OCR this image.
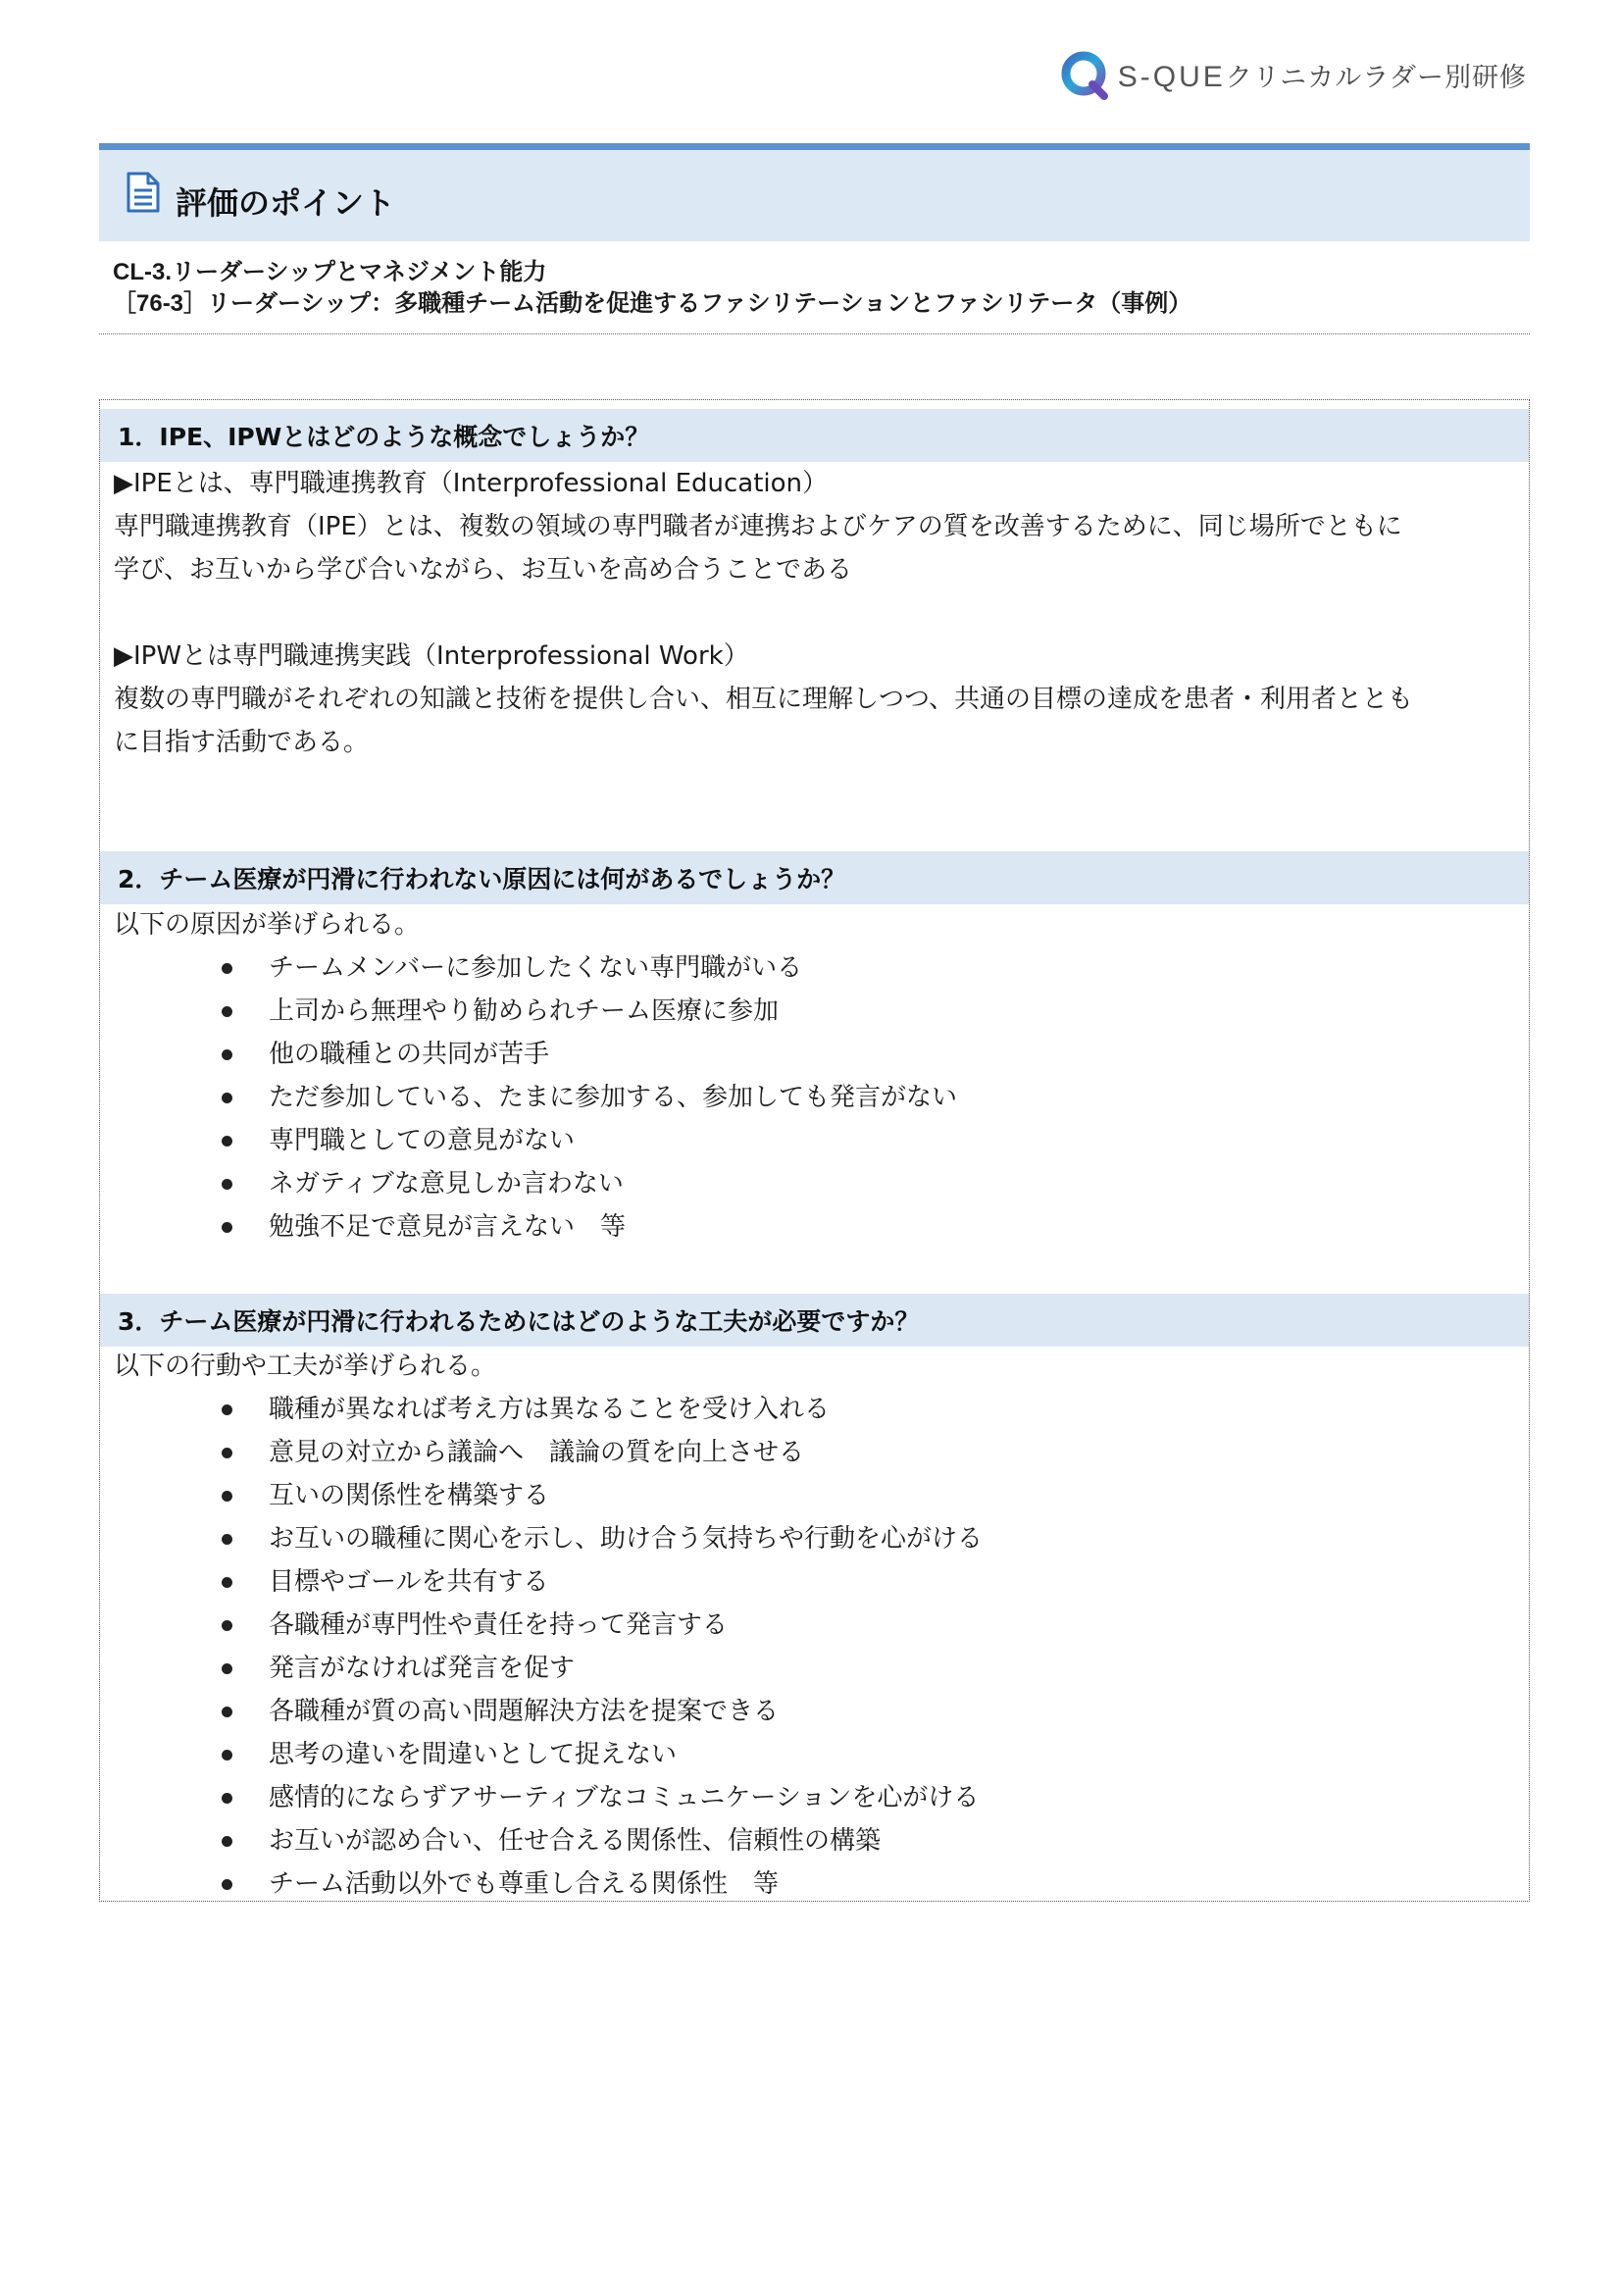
S-QUEクリニカルラダー別研修
評価のポイント
CL-3.リーダーシップとマネジメント能力
［76-3］リーダーシップ：多職種チーム活動を促進するファシリテーションとファシリテータ（事例）
1．IPE、IPWとはどのような概念でしょうか？
▶IPEとは、専門職連携教育（Interprofessional Education）
専門職連携教育（IPE）とは、複数の領域の専門職者が連携およびケアの質を改善するために、同じ場所でともに
学び、お互いから学び合いながら、お互いを高め合うことである
▶IPWとは専門職連携実践（Interprofessional Work）
複数の専門職がそれぞれの知識と技術を提供し合い、相互に理解しつつ、共通の目標の達成を患者・利用者ととも
に目指す活動である。
2．チーム医療が円滑に行われない原因には何があるでしょうか？
以下の原因が挙げられる。
チームメンバーに参加したくない専門職がいる
上司から無理やり勧められチーム医療に参加
他の職種との共同が苦手
ただ参加している、たまに参加する、参加しても発言がない
専門職としての意見がない
ネガティブな意見しか言わない
勉強不足で意見が言えない　等
3．チーム医療が円滑に行われるためにはどのような工夫が必要ですか？
以下の行動や工夫が挙げられる。
職種が異なれば考え方は異なることを受け入れる
意見の対立から議論へ　議論の質を向上させる
互いの関係性を構築する
お互いの職種に関心を示し、助け合う気持ちや行動を心がける
目標やゴールを共有する
各職種が専門性や責任を持って発言する
発言がなければ発言を促す
各職種が質の高い問題解決方法を提案できる
思考の違いを間違いとして捉えない
感情的にならずアサーティブなコミュニケーションを心がける
お互いが認め合い、任せ合える関係性、信頼性の構築
チーム活動以外でも尊重し合える関係性　等
